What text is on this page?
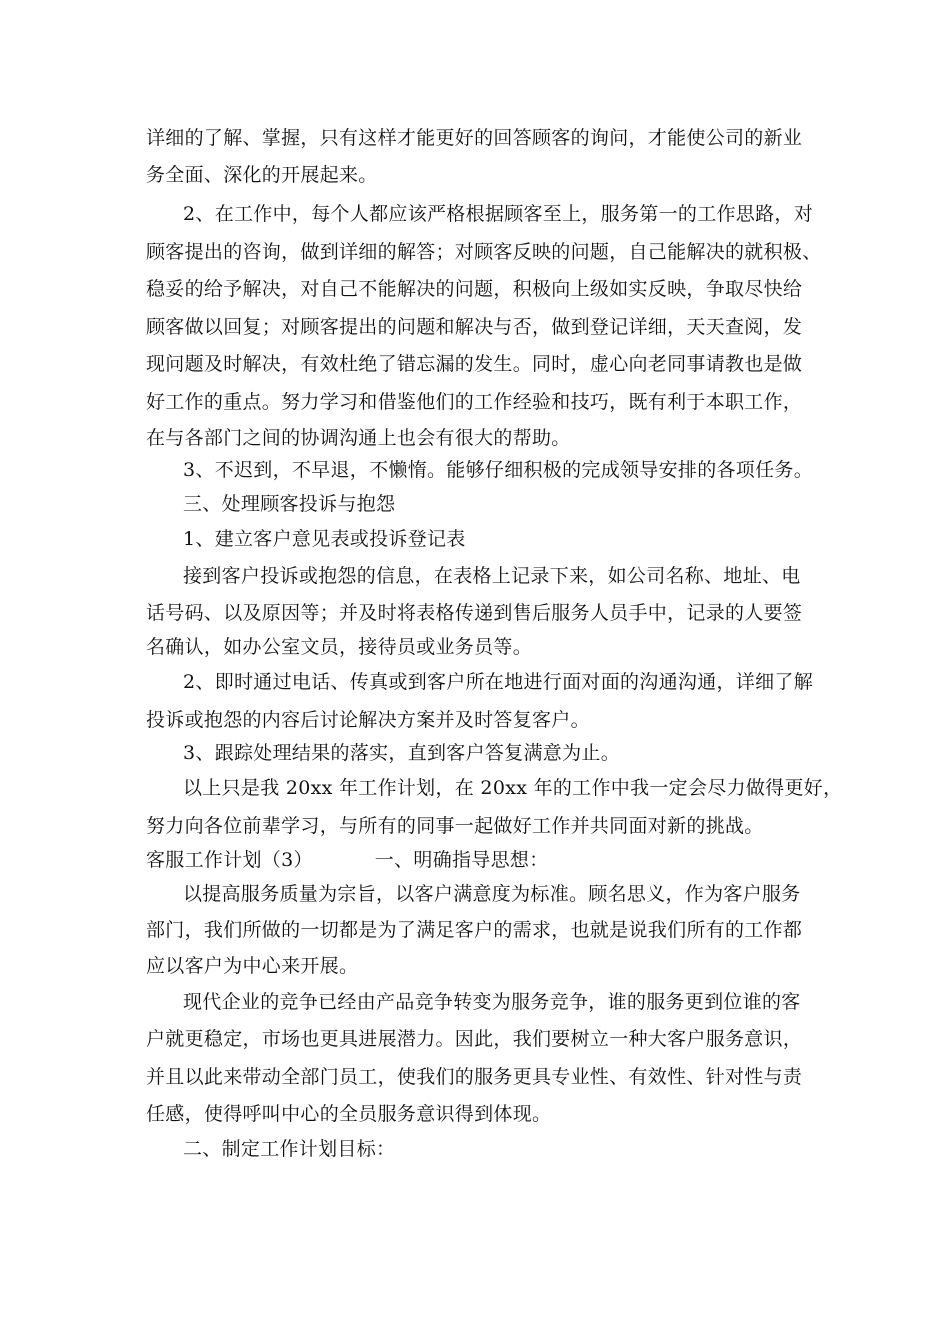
详细的了解、掌握，只有这样才能更好的回答顾客的询问，才能使公司的新业
务全面、深化的开展起来。
2、在工作中，每个人都应该严格根据顾客至上，服务第一的工作思路，对
顾客提出的咨询，做到详细的解答；对顾客反映的问题，自己能解决的就积极、
稳妥的给予解决，对自己不能解决的问题，积极向上级如实反映，争取尽快给
顾客做以回复；对顾客提出的问题和解决与否，做到登记详细，天天查阅，发
现问题及时解决，有效杜绝了错忘漏的发生。同时，虚心向老同事请教也是做
好工作的重点。努力学习和借鉴他们的工作经验和技巧，既有利于本职工作，
在与各部门之间的协调沟通上也会有很大的帮助。
3、不迟到，不早退，不懒惰。能够仔细积极的完成领导安排的各项任务。
三、处理顾客投诉与抱怨
1、建立客户意见表或投诉登记表
接到客户投诉或抱怨的信息，在表格上记录下来，如公司名称、地址、电
话号码、以及原因等；并及时将表格传递到售后服务人员手中，记录的人要签
名确认，如办公室文员，接待员或业务员等。
2、即时通过电话、传真或到客户所在地进行面对面的沟通沟通，详细了解
投诉或抱怨的内容后讨论解决方案并及时答复客户。
3、跟踪处理结果的落实，直到客户答复满意为止。
以上只是我 20xx 年工作计划，在 20xx 年的工作中我一定会尽力做得更好，
努力向各位前辈学习，与所有的同事一起做好工作并共同面对新的挑战。
客服工作计划（3）	一、明确指导思想：
以提高服务质量为宗旨，以客户满意度为标准。顾名思义，作为客户服务
部门，我们所做的一切都是为了满足客户的需求，也就是说我们所有的工作都
应以客户为中心来开展。
现代企业的竞争已经由产品竞争转变为服务竞争，谁的服务更到位谁的客
户就更稳定，市场也更具进展潜力。因此，我们要树立一种大客户服务意识，
并且以此来带动全部门员工，使我们的服务更具专业性、有效性、针对性与责
任感，使得呼叫中心的全员服务意识得到体现。
二、制定工作计划目标：
